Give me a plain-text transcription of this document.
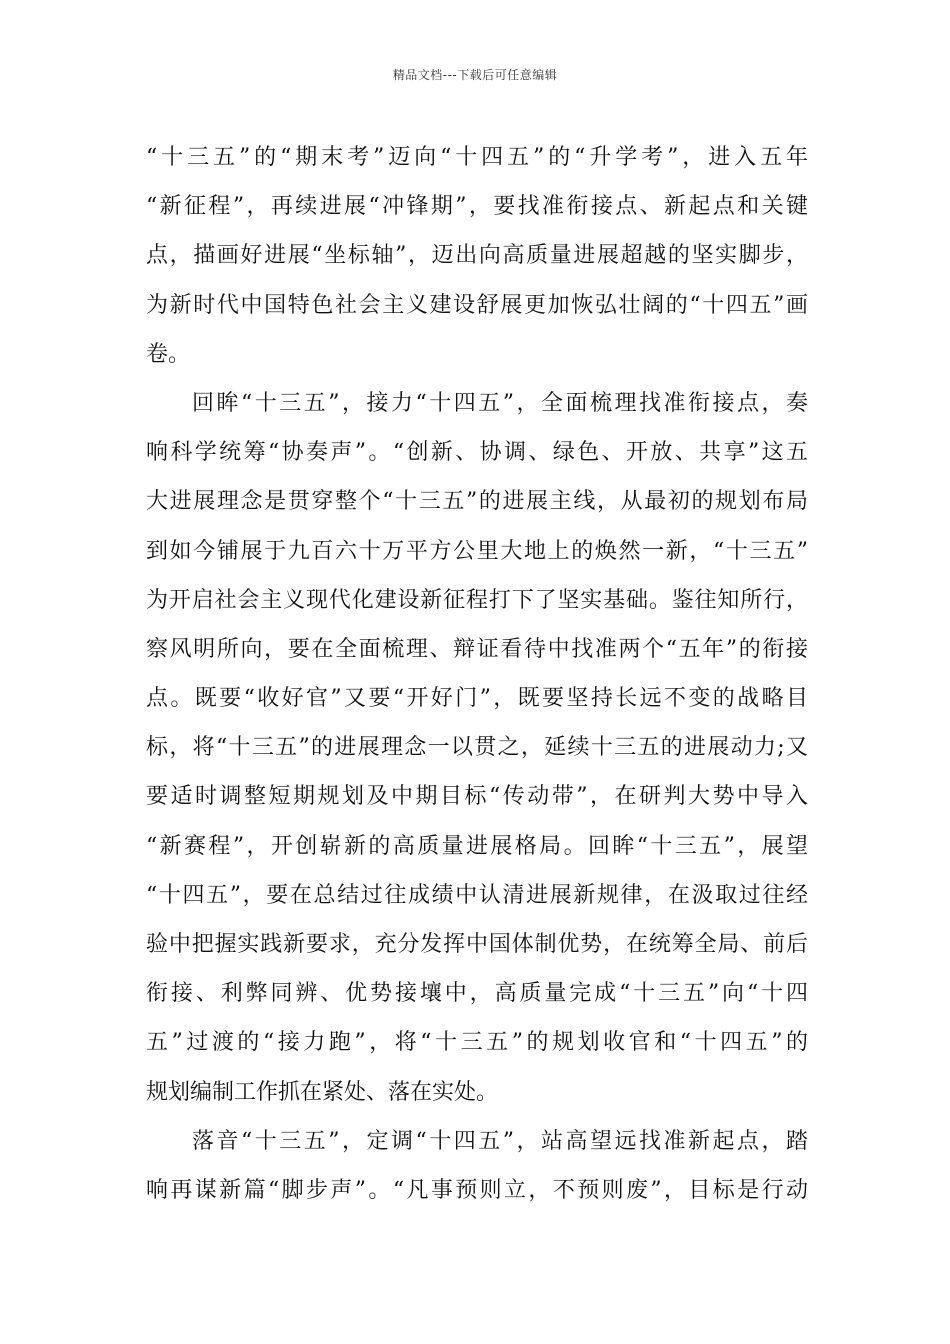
精品文档---下载后可任意编辑
“十三五”的“期末考”迈向“十四五”的“升学考”，进入五年
“新征程”，再续进展“冲锋期”，要找准衔接点、新起点和关键
点，描画好进展“坐标轴”，迈出向高质量进展超越的坚实脚步，
为新时代中国特色社会主义建设舒展更加恢弘壮阔的“十四五”画
卷。
回眸“十三五”，接力“十四五”，全面梳理找准衔接点，奏
响科学统筹“协奏声”。“创新、协调、绿色、开放、共享”这五
大进展理念是贯穿整个“十三五”的进展主线，从最初的规划布局
到如今铺展于九百六十万平方公里大地上的焕然一新，“十三五”
为开启社会主义现代化建设新征程打下了坚实基础。鉴往知所行，
察风明所向，要在全面梳理、辩证看待中找准两个“五年”的衔接
点。既要“收好官”又要“开好门”，既要坚持长远不变的战略目
标，将“十三五”的进展理念一以贯之，延续十三五的进展动力;又
要适时调整短期规划及中期目标“传动带”，在研判大势中导入
“新赛程”，开创崭新的高质量进展格局。回眸“十三五”，展望
“十四五”，要在总结过往成绩中认清进展新规律，在汲取过往经
验中把握实践新要求，充分发挥中国体制优势，在统筹全局、前后
衔接、利弊同辨、优势接壤中，高质量完成“十三五”向“十四
五”过渡的“接力跑”，将“十三五”的规划收官和“十四五”的
规划编制工作抓在紧处、落在实处。
落音“十三五”，定调“十四五”，站高望远找准新起点，踏
响再谋新篇“脚步声”。“凡事预则立，不预则废”，目标是行动
